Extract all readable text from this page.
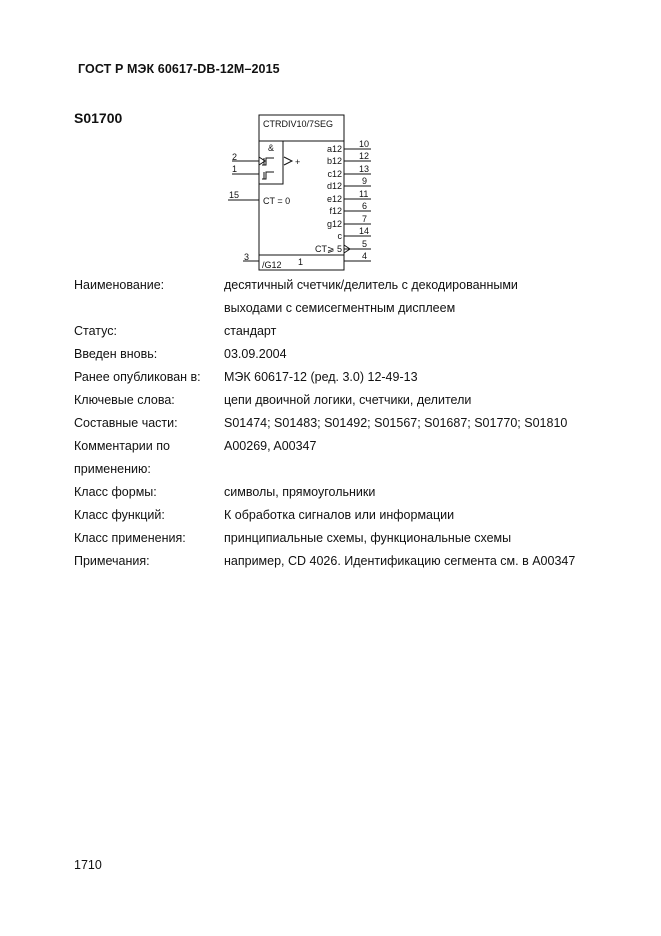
ГОСТ Р МЭК 60617-DB-12M–2015
S01700	CTRDIV10/7SEG
&
+
CT = 0
/G12 1
2
1
15
3
a12
b12
c12
d12
e12
f12
g12
c
CT⩾ 5
10
12
13
9
11
6
7
14
5
4
Наименование:	десятичный счетчик/делитель с декодированными
	выходами с семисегментным дисплеем
Статус:	стандарт
Введен вновь:	03.09.2004
Ранее опубликован в:	МЭК 60617-12 (ред. 3.0) 12-49-13
Ключевые слова:	цепи двоичной логики, счетчики, делители
Составные части:	S01474; S01483; S01492; S01567; S01687; S01770; S01810
Комментарии по	A00269, A00347
применению:	
Класс формы:	символы, прямоугольники
Класс функций:	К обработка сигналов или информации
Класс применения:	принципиальные схемы, функциональные схемы
Примечания:	например, CD 4026. Идентификацию сегмента см. в A00347
1710
